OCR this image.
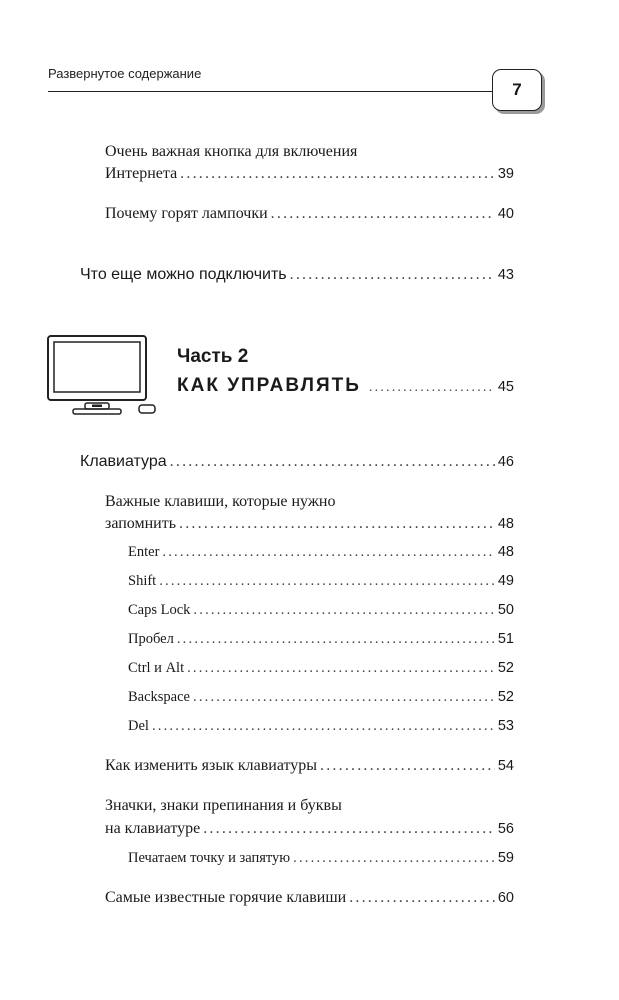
Развернутое содержание
7
Очень важная кнопка для включения
Интернета .....	39
Почему горят лампочки .....	40
Что еще можно подключить .....	43
Часть 2
КАК УПРАВЛЯТЬ .....	45
Клавиатура .....	46
Важные клавиши, которые нужно
запомнить .....	48
Enter .....	48
Shift .....	49
Caps Lock .....	50
Пробел .....	51
Ctrl и Alt .....	52
Backspace .....	52
Del .....	53
Как изменить язык клавиатуры .....	54
Значки, знаки препинания и буквы
на клавиатуре .....	56
Печатаем точку и запятую .....	59
Самые известные горячие клавиши .....	60
